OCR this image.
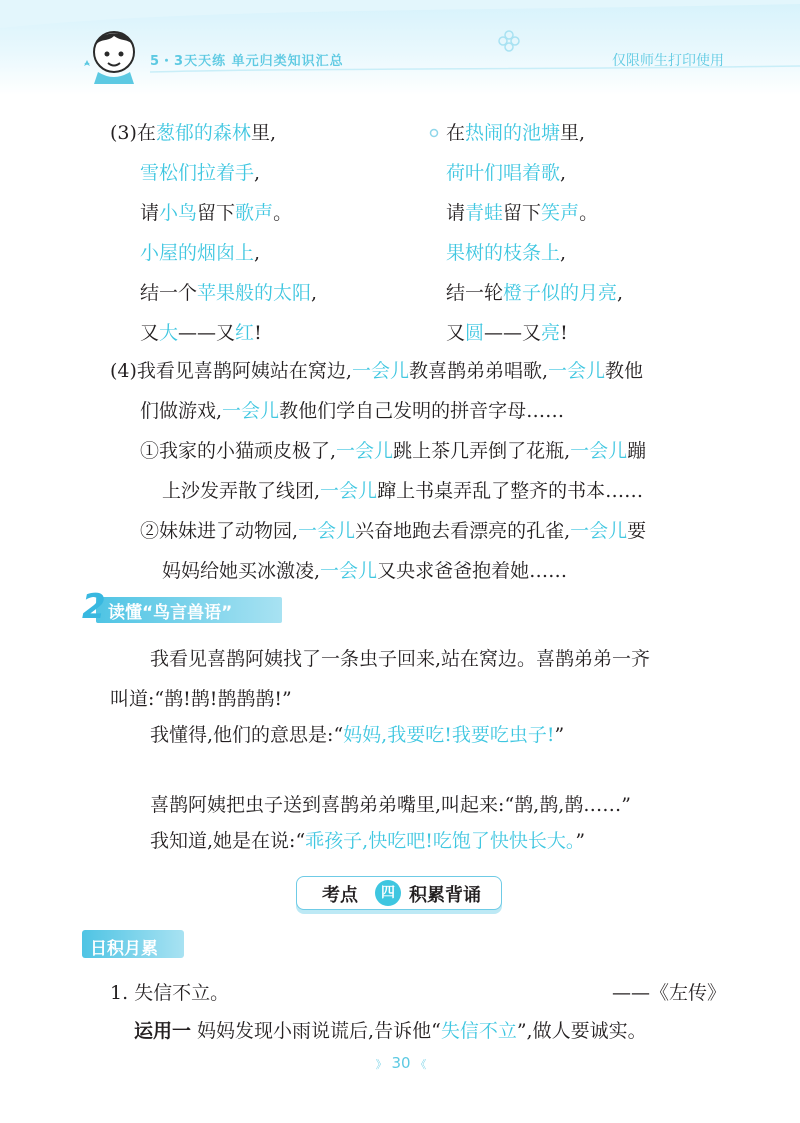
5・3天天练 单元归类知识汇总	仅限师生打印使用
(3)在葱郁的森林里,
雪松们拉着手,
请小鸟留下歌声。
小屋的烟囱上,
结一个苹果般的太阳,
又大——又红!
在热闹的池塘里,
荷叶们唱着歌,
请青蛙留下笑声。
果树的枝条上,
结一轮橙子似的月亮,
又圆——又亮!
(4)我看见喜鹊阿姨站在窝边,一会儿教喜鹊弟弟唱歌,一会儿教他
们做游戏,一会儿教他们学自己发明的拼音字母……
①我家的小猫顽皮极了,一会儿跳上茶几弄倒了花瓶,一会儿蹦
上沙发弄散了线团,一会儿蹿上书桌弄乱了整齐的书本……
②妹妹进了动物园,一会儿兴奋地跑去看漂亮的孔雀,一会儿要
妈妈给她买冰激凌,一会儿又央求爸爸抱着她……
2 读懂“鸟言兽语”
我看见喜鹊阿姨找了一条虫子回来,站在窝边。喜鹊弟弟一齐
叫道:“鹊!鹊!鹊鹊鹊!”
我懂得,他们的意思是:“妈妈,我要吃!我要吃虫子!”
喜鹊阿姨把虫子送到喜鹊弟弟嘴里,叫起来:“鹊,鹊,鹊……”
我知道,她是在说:“乖孩子,快吃吧!吃饱了快快长大。”
考点	四 积累背诵
日积月累
1. 失信不立。	——《左传》
运用一 妈妈发现小雨说谎后,告诉他“失信不立”,做人要诚实。
》 30 《
